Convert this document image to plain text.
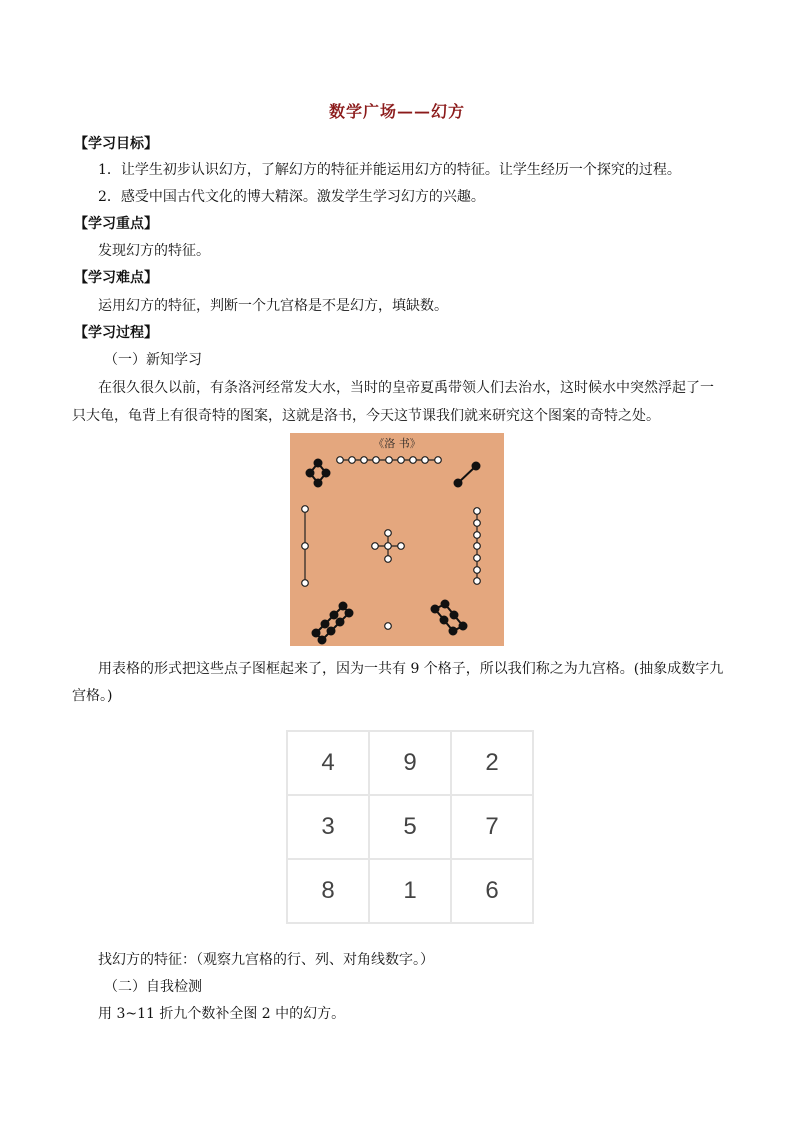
数学广场——幻方
【学习目标】
1．让学生初步认识幻方，了解幻方的特征并能运用幻方的特征。让学生经历一个探究的过程。
2．感受中国古代文化的博大精深。激发学生学习幻方的兴趣。
【学习重点】
发现幻方的特征。
【学习难点】
运用幻方的特征，判断一个九宫格是不是幻方，填缺数。
【学习过程】
（一）新知学习
在很久很久以前，有条洛河经常发大水，当时的皇帝夏禹带领人们去治水，这时候水中突然浮起了一
只大龟，龟背上有很奇特的图案，这就是洛书，今天这节课我们就来研究这个图案的奇特之处。
《洛 书》
用表格的形式把这些点子图框起来了，因为一共有 9 个格子，所以我们称之为九宫格。(抽象成数字九
宫格。)
4	9	2
3	5	7
8	1	6
找幻方的特征：（观察九宫格的行、列、对角线数字。）
（二）自我检测
用 3~11 折九个数补全图 2 中的幻方。
